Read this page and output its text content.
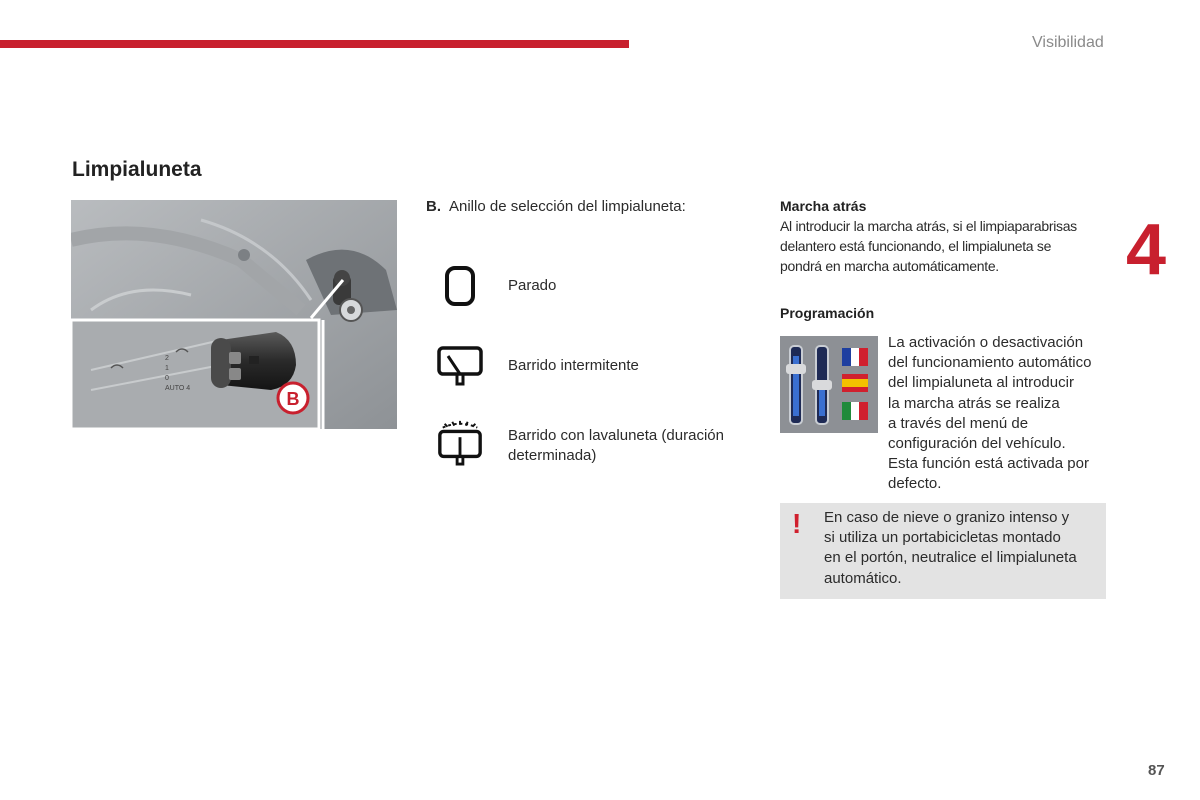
Visibilidad
4
Limpialuneta
0
1
2
AUTO 4
B
B. Anillo de selección del limpialuneta:
Parado
Barrido intermitente
Barrido con lavaluneta (duración
determinada)
Marcha atrás
Al introducir la marcha atrás, si el limpiaparabrisas
delantero está funcionando, el limpialuneta se
pondrá en marcha automáticamente.
Programación
La activación o desactivación
del funcionamiento automático
del limpialuneta al introducir
la marcha atrás se realiza
a través del menú de
configuración del vehículo.
Esta función está activada por
defecto.
! En caso de nieve o granizo intenso y
si utiliza un portabicicletas montado
en el portón, neutralice el limpialuneta
automático.
87
